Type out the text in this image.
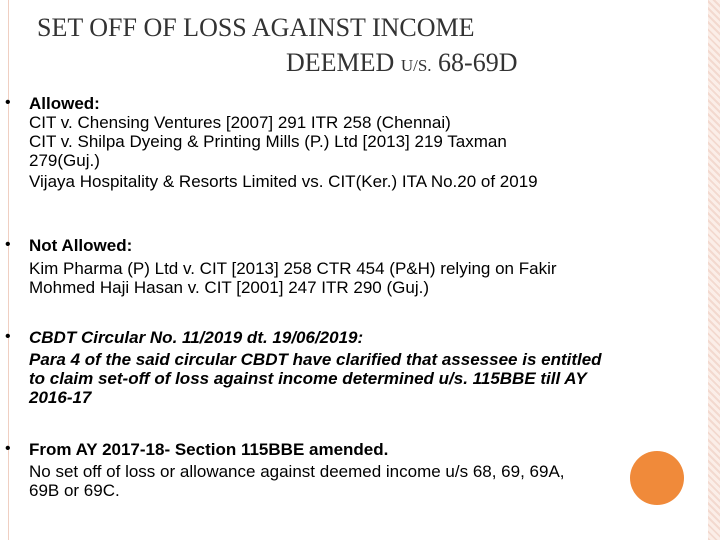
SET OFF OF LOSS AGAINST INCOME
DEEMED U/S. 68-69D
• Allowed:
CIT v. Chensing Ventures [2007] 291 ITR 258 (Chennai)
CIT v. Shilpa Dyeing & Printing Mills (P.) Ltd [2013] 219 Taxman
279(Guj.)
Vijaya Hospitality & Resorts Limited vs. CIT(Ker.) ITA No.20 of 2019
• Not Allowed:
Kim Pharma (P) Ltd v. CIT [2013] 258 CTR 454 (P&H) relying on Fakir
Mohmed Haji Hasan v. CIT [2001] 247 ITR 290 (Guj.)
• CBDT Circular No. 11/2019 dt. 19/06/2019:
Para 4 of the said circular CBDT have clarified that assessee is entitled
to claim set-off of loss against income determined u/s. 115BBE till AY
2016-17
• From AY 2017-18- Section 115BBE amended.
No set off of loss or allowance against deemed income u/s 68, 69, 69A,
69B or 69C.
